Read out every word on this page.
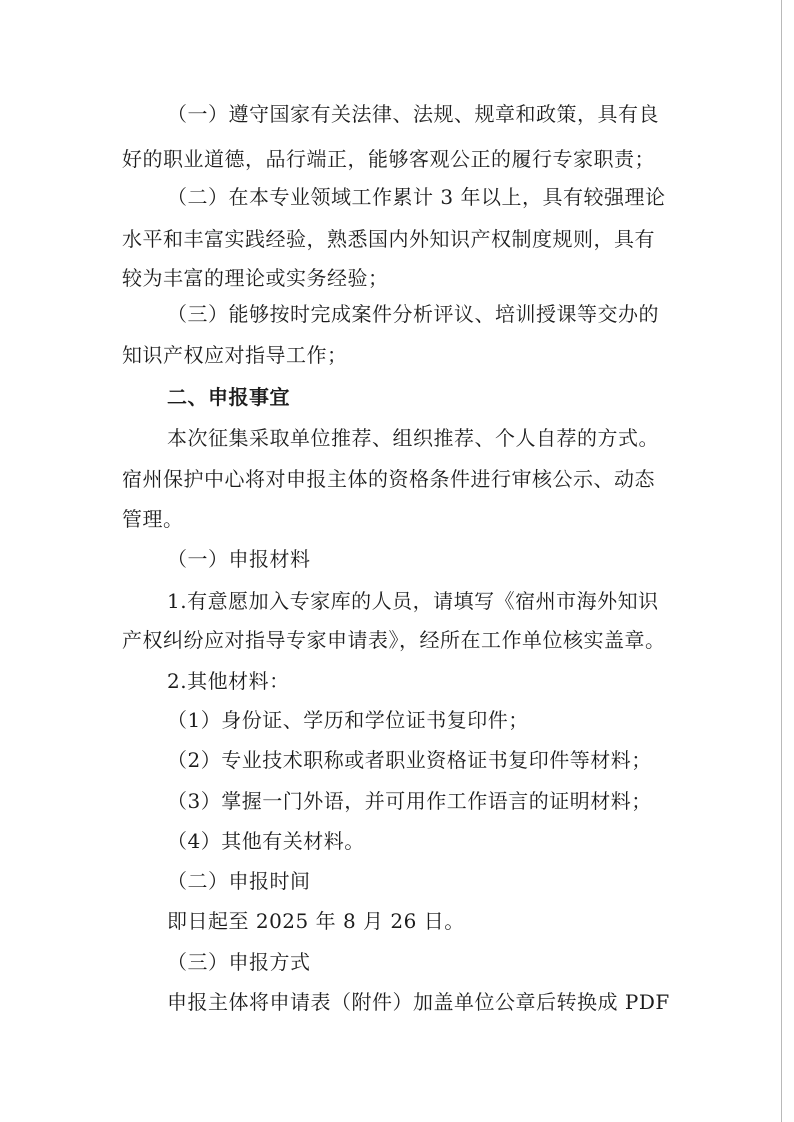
（一）遵守国家有关法律、法规、规章和政策，具有良
好的职业道德，品行端正，能够客观公正的履行专家职责；
（二）在本专业领域工作累计 3 年以上，具有较强理论
水平和丰富实践经验，熟悉国内外知识产权制度规则，具有
较为丰富的理论或实务经验；
（三）能够按时完成案件分析评议、培训授课等交办的
知识产权应对指导工作；
二、申报事宜
本次征集采取单位推荐、组织推荐、个人自荐的方式。
宿州保护中心将对申报主体的资格条件进行审核公示、动态
管理。
（一）申报材料
1.有意愿加入专家库的人员，请填写《宿州市海外知识
产权纠纷应对指导专家申请表》，经所在工作单位核实盖章。
2.其他材料：
（1）身份证、学历和学位证书复印件；
（2）专业技术职称或者职业资格证书复印件等材料；
（3）掌握一门外语，并可用作工作语言的证明材料；
（4）其他有关材料。
（二）申报时间
即日起至 2025 年 8 月 26 日。
（三）申报方式
申报主体将申请表（附件）加盖单位公章后转换成 PDF
